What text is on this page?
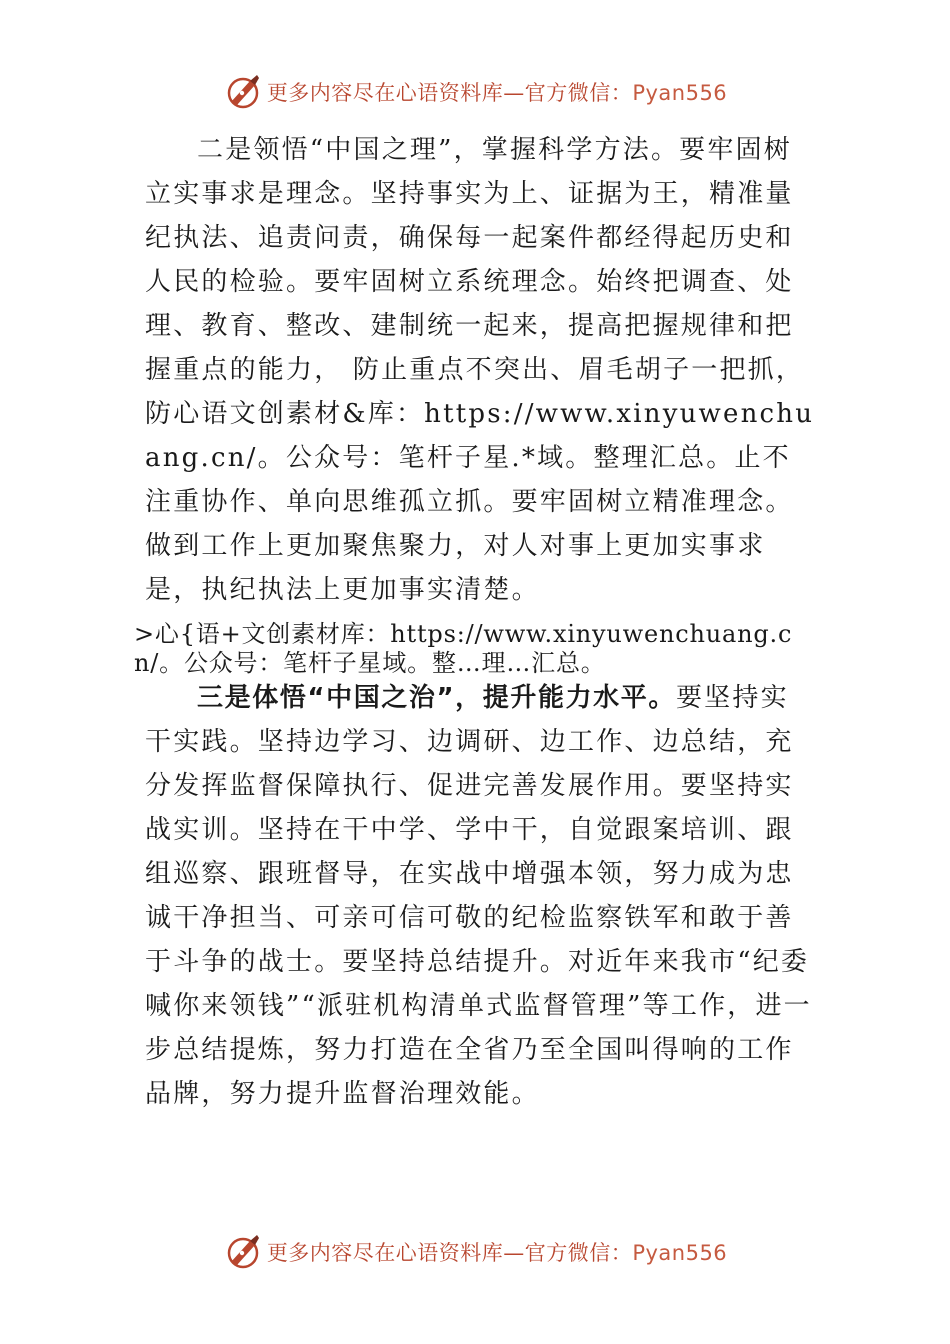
更多内容尽在心语资料库—官方微信：Pyan556

二是领悟“中国之理”，掌握科学方法。要牢固树立实事求是理念。坚持事实为上、证据为王，精准量纪执法、追责问责，确保每一起案件都经得起历史和人民的检验。要牢固树立系统理念。始终把调查、处理、教育、整改、建制统一起来，提高把握规律和把握重点的能力， 防止重点不突出、眉毛胡子一把抓，防心语文创素材&库：https://www.xinyuwenchuang.cn/。公众号：笔杆子星.*域。整理汇总。止不注重协作、单向思维孤立抓。要牢固树立精准理念。做到工作上更加聚焦聚力，对人对事上更加实事求是，执纪执法上更加事实清楚。

>心{语+文创素材库：https://www.xinyuwenchuang.cn/。公众号：笔杆子星域。整…理…汇总。

三是体悟“中国之治”，提升能力水平。要坚持实干实践。坚持边学习、边调研、边工作、边总结，充分发挥监督保障执行、促进完善发展作用。要坚持实战实训。坚持在干中学、学中干，自觉跟案培训、跟组巡察、跟班督导，在实战中增强本领，努力成为忠诚干净担当、可亲可信可敬的纪检监察铁军和敢于善于斗争的战士。要坚持总结提升。对近年来我市“纪委喊你来领钱”“派驻机构清单式监督管理”等工作，进一步总结提炼，努力打造在全省乃至全国叫得响的工作品牌，努力提升监督治理效能。

更多内容尽在心语资料库—官方微信：Pyan556
